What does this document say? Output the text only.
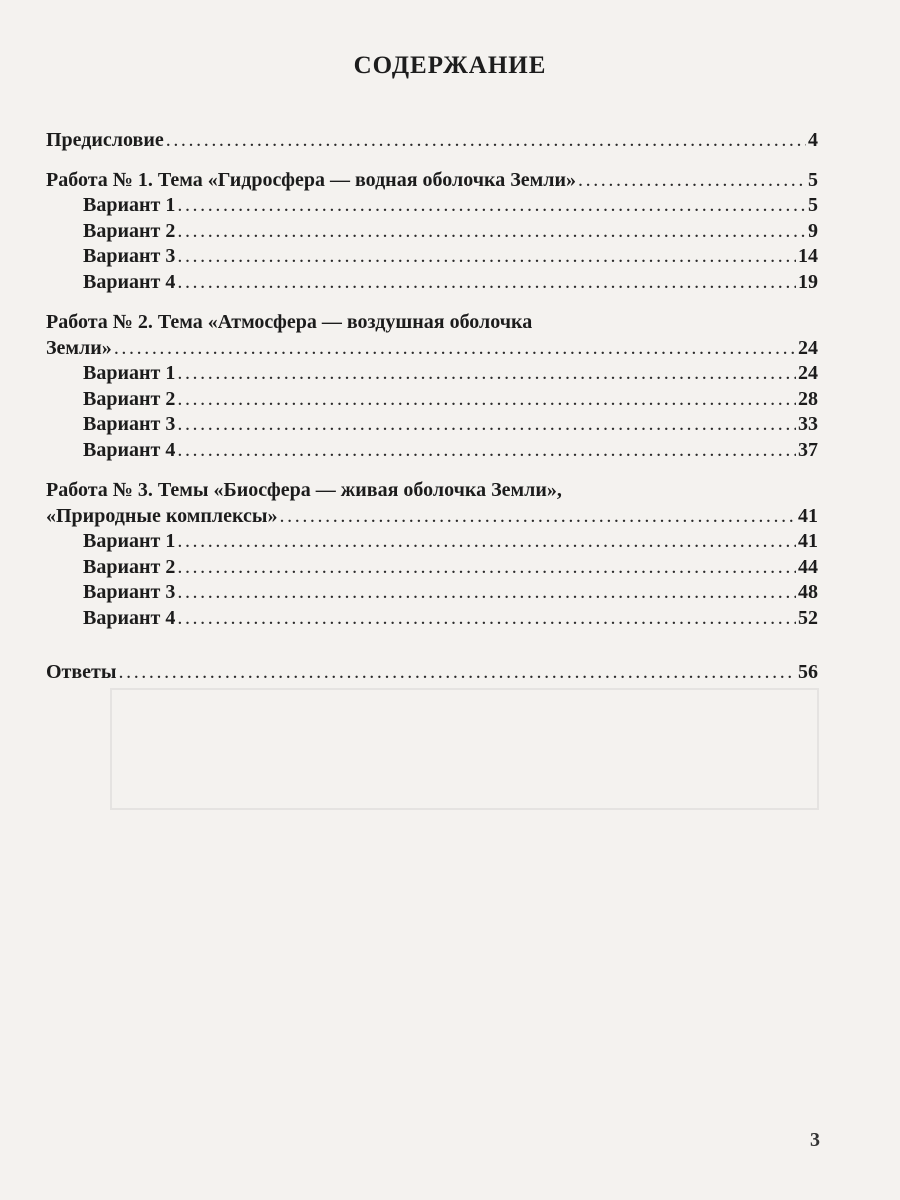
СОДЕРЖАНИЕ
Предисловие . . .	4
Работа № 1. Тема «Гидросфера — водная оболочка Земли» . . .	5
Вариант 1 . . .	5
Вариант 2 . . .	9
Вариант 3 . . .	14
Вариант 4 . . .	19
Работа № 2. Тема «Атмосфера — воздушная оболочка
Земли» . . .	24
Вариант 1 . . .	24
Вариант 2 . . .	28
Вариант 3 . . .	33
Вариант 4 . . .	37
Работа № 3. Темы «Биосфера — живая оболочка Земли»,
«Природные комплексы» . . .	41
Вариант 1 . . .	41
Вариант 2 . . .	44
Вариант 3 . . .	48
Вариант 4 . . .	52
Ответы . . .	56
3
